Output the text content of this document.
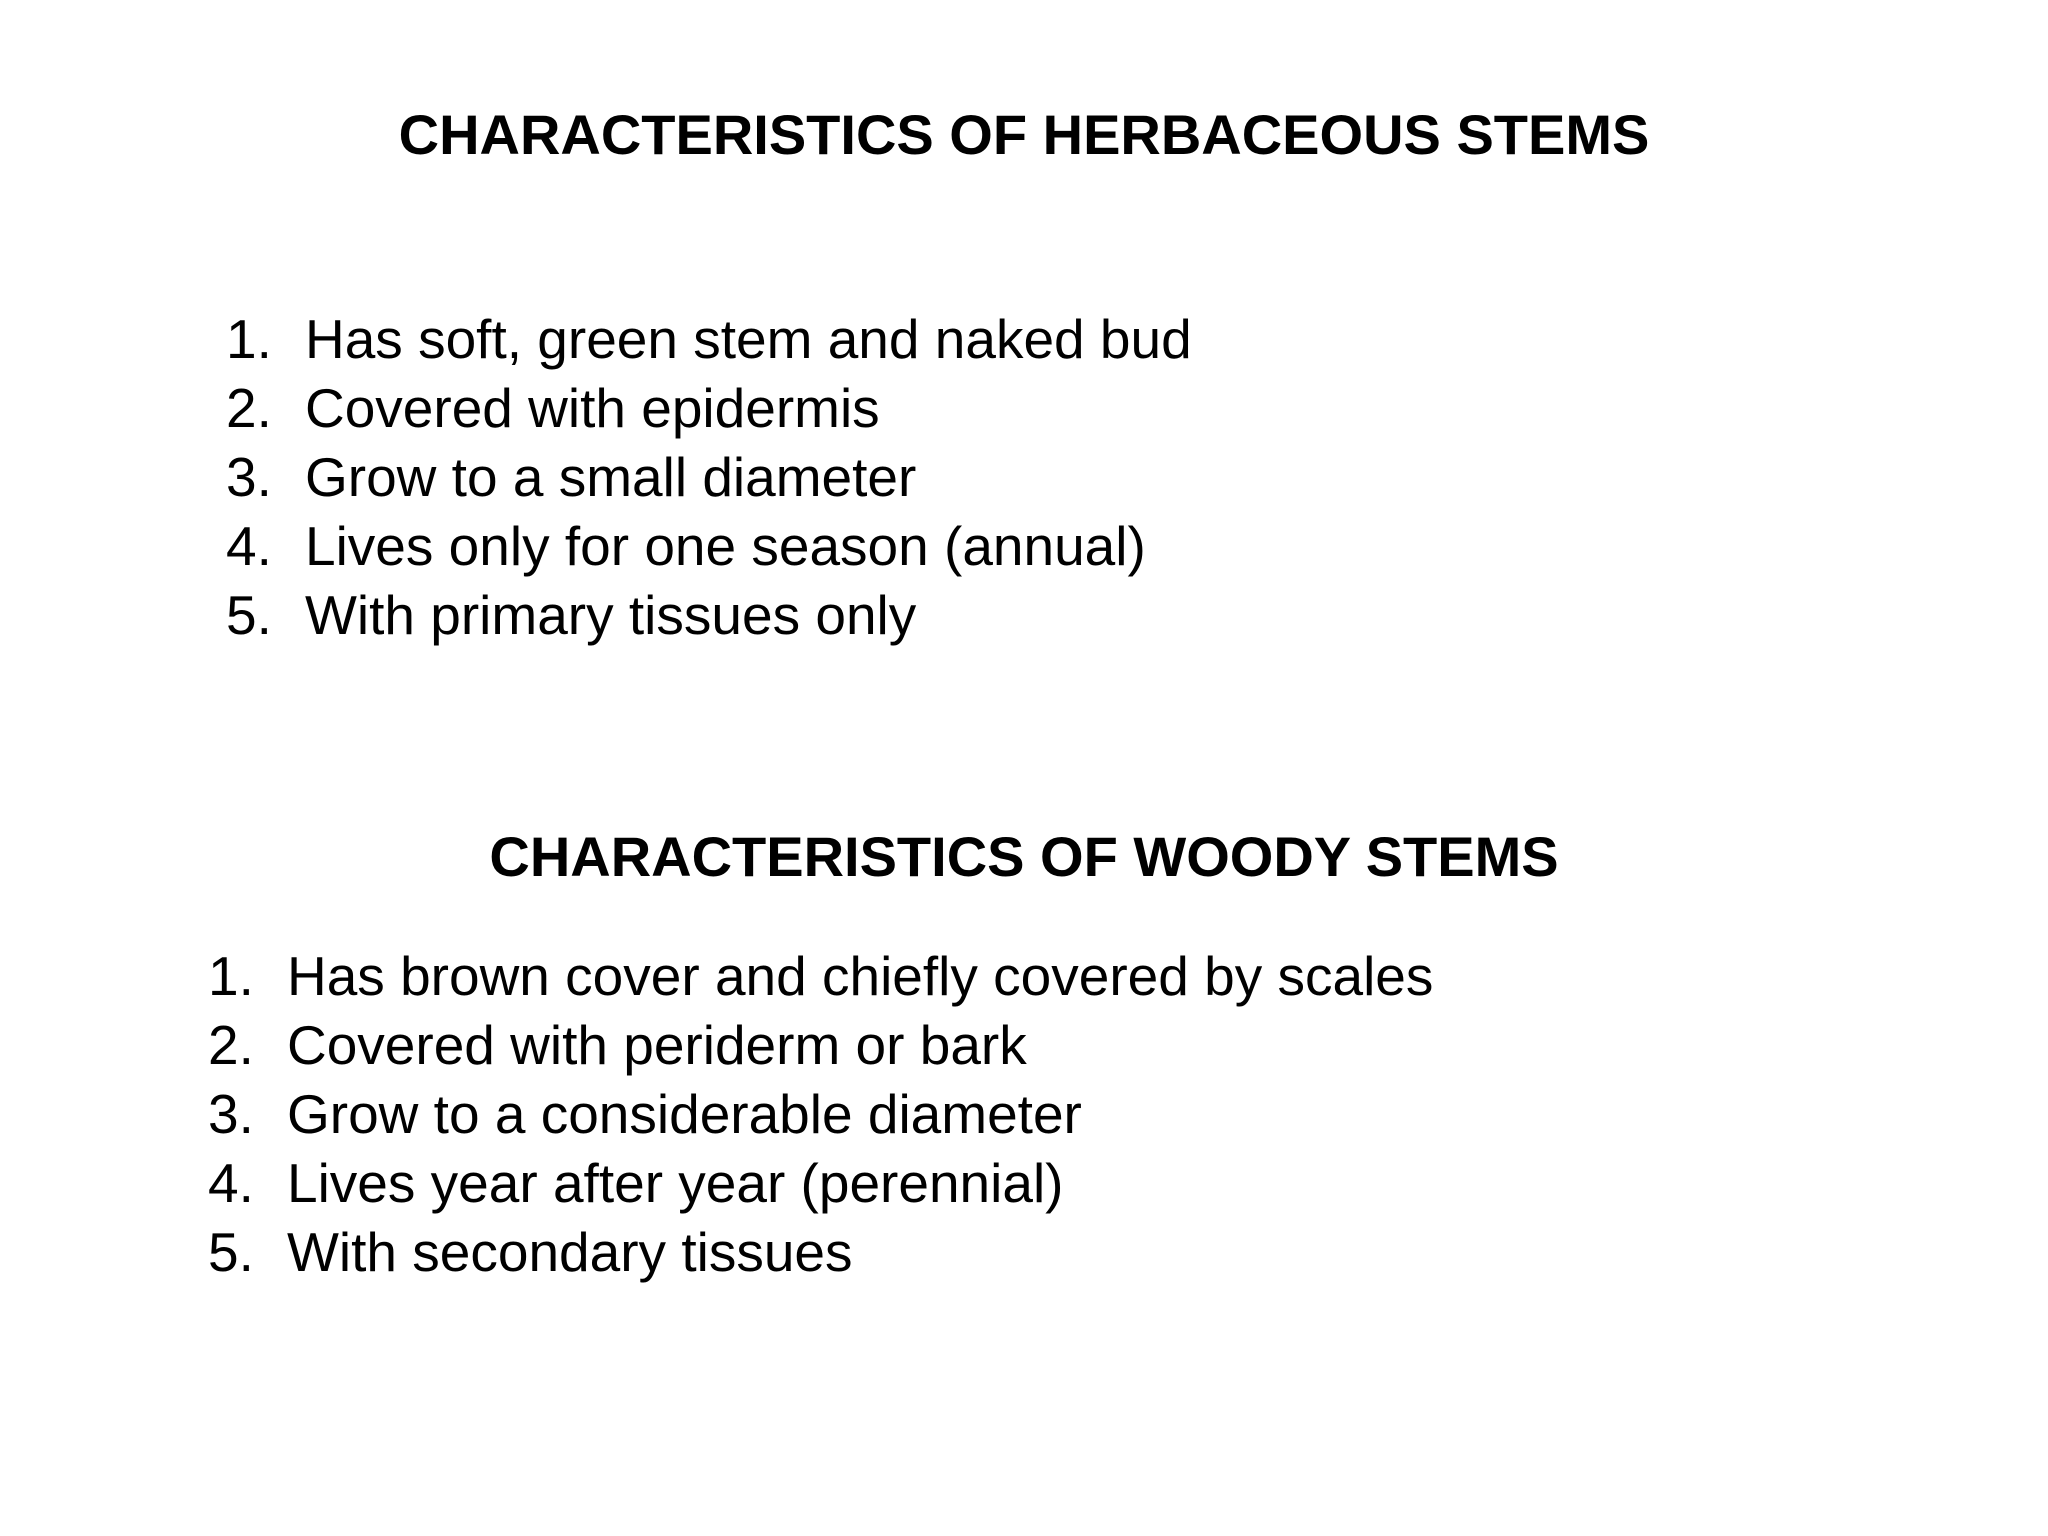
CHARACTERISTICS OF HERBACEOUS STEMS
1. Has soft, green stem and naked bud
2. Covered with epidermis
3. Grow to a small diameter
4. Lives only for one season (annual)
5. With primary tissues only
CHARACTERISTICS OF WOODY STEMS
1. Has brown cover and chiefly covered by scales
2. Covered with periderm or bark
3. Grow to a considerable diameter
4. Lives year after year (perennial)
5. With secondary tissues
